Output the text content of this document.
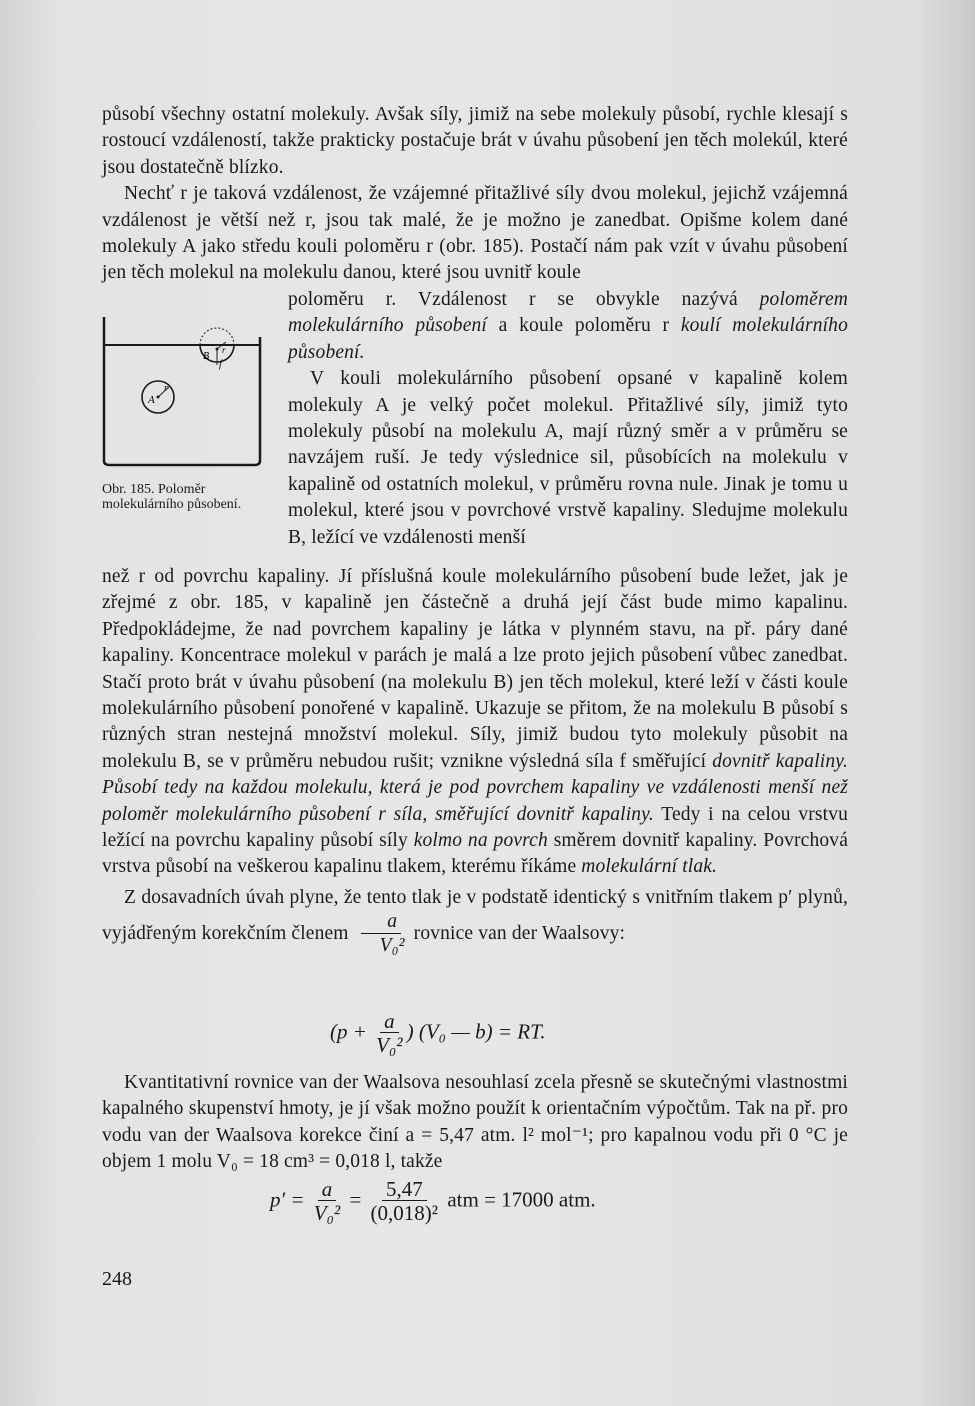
působí všechny ostatní molekuly. Avšak síly, jimiž na sebe molekuly působí, rychle klesají s rostoucí vzdáleností, takže prakticky postačuje brát v úvahu působení jen těch molekúl, které jsou dostatečně blízko.

Nechť r je taková vzdálenost, že vzájemné přitažlivé síly dvou molekul, jejichž vzájemná vzdálenost je větší než r, jsou tak malé, že je možno je zanedbat. Opišme kolem dané molekuly A jako středu kouli poloměru r (obr. 185). Postačí nám pak vzít v úvahu působení jen těch molekul na molekulu danou, které jsou uvnitř koule

A
r
B
r
f
Obr. 185. Poloměr molekulárního působení.

poloměru r. Vzdálenost r se obvykle nazývá poloměrem molekulárního působení a koule poloměru r koulí molekulárního působení.

V kouli molekulárního působení opsané v kapalině kolem molekuly A je velký počet molekul. Přitažlivé síly, jimiž tyto molekuly působí na molekulu A, mají různý směr a v průměru se navzájem ruší. Je tedy výslednice sil, působících na molekulu v kapalině od ostatních molekul, v průměru rovna nule. Jinak je tomu u molekul, které jsou v povrchové vrstvě kapaliny. Sledujme molekulu B, ležící ve vzdálenosti menší

než r od povrchu kapaliny. Jí příslušná koule molekulárního působení bude ležet, jak je zřejmé z obr. 185, v kapalině jen částečně a druhá její část bude mimo kapalinu. Předpokládejme, že nad povrchem kapaliny je látka v plynném stavu, na př. páry dané kapaliny. Koncentrace molekul v parách je malá a lze proto jejich působení vůbec zanedbat. Stačí proto brát v úvahu působení (na molekulu B) jen těch molekul, které leží v části koule molekulárního působení ponořené v kapalině. Ukazuje se přitom, že na molekulu B působí s různých stran nestejná množství molekul. Síly, jimiž budou tyto molekuly působit na molekulu B, se v průměru nebudou rušit; vznikne výsledná síla f směřující dovnitř kapaliny. Působí tedy na každou molekulu, která je pod povrchem kapaliny ve vzdálenosti menší než poloměr molekulárního působení r síla, směřující dovnitř kapaliny. Tedy i na celou vrstvu ležící na povrchu kapaliny působí síly kolmo na povrch směrem dovnitř kapaliny. Povrchová vrstva působí na veškerou kapalinu tlakem, kterému říkáme molekulární tlak.

Z dosavadních úvah plyne, že tento tlak je v podstatě identický s vnitřním tlakem p′ plynů, vyjádřeným korekčním členem $\frac{a}{\text{V₀²}}$ rovnice van der Waalsovy:

($p + \frac{a}{\text{V₀²}}$ ) (V₀ — b) = RT.

Kvantitativní rovnice van der Waalsova nesouhlasí zcela přesně se skutečnými vlastnostmi kapalného skupenství hmoty, je jí však možno použít k orientačním výpočtům. Tak na př. pro vodu van der Waalsova korekce činí a = 5,47 atm. l² mol⁻¹; pro kapalnou vodu při 0 °C je objem 1 molu V₀ = 18 cm³ = 0,018 l, takže

$p' = \frac{a}{\text{V₀²}} = \frac{5,47}{\text{(0,018)²}}$ atm = 17000 atm.
248
